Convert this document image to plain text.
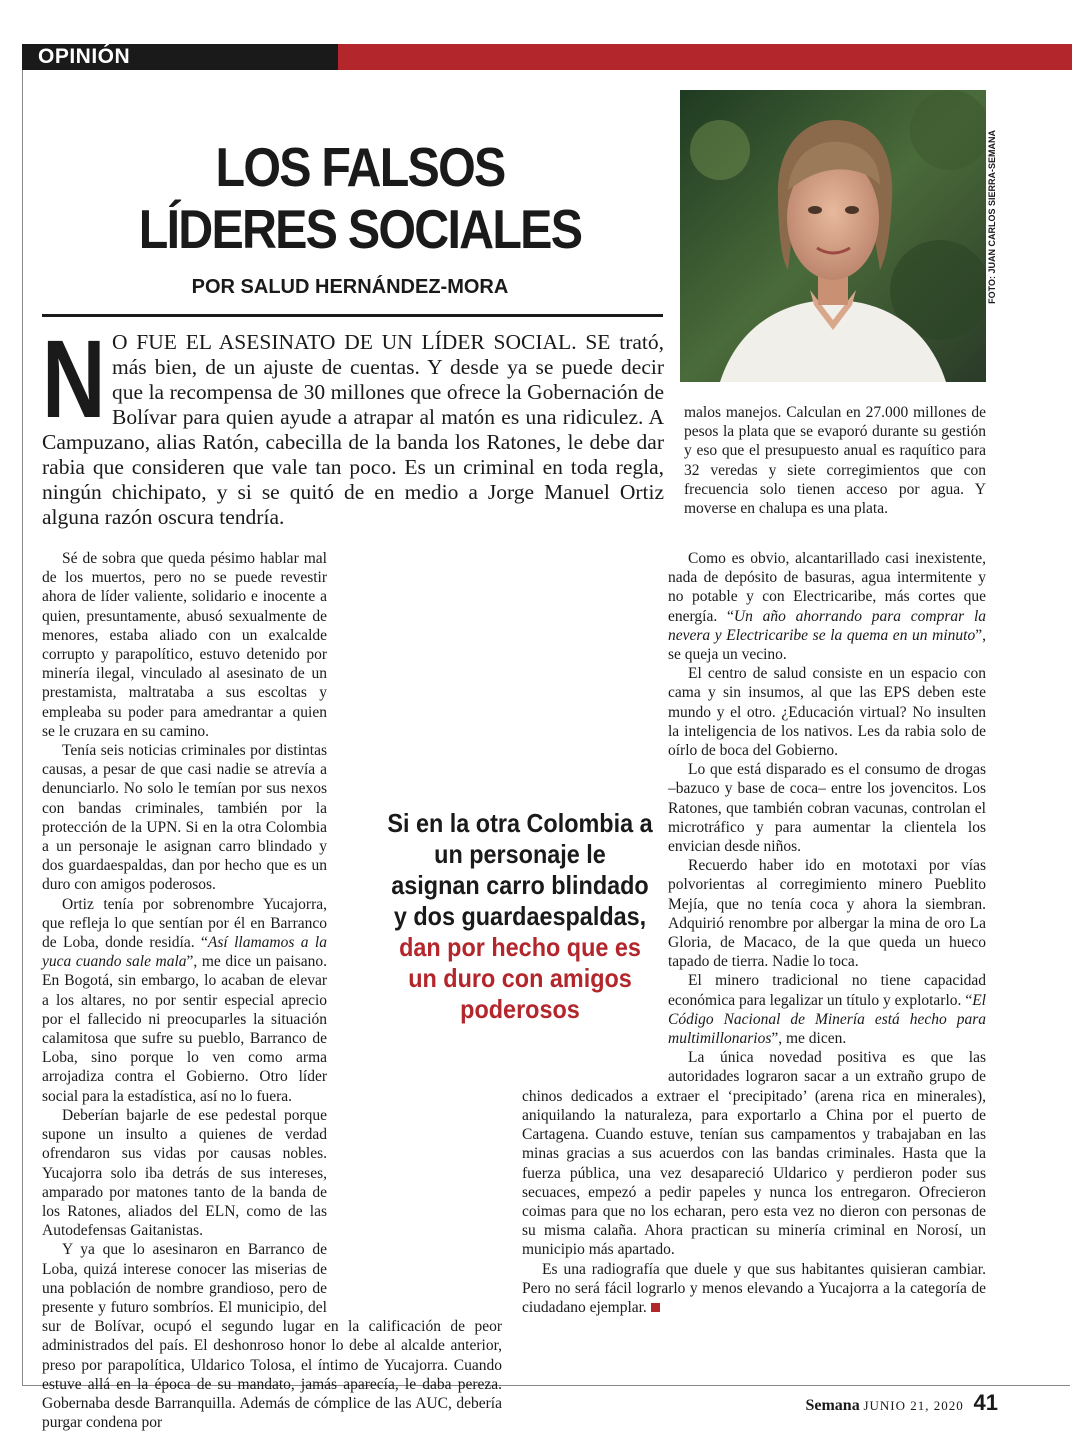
OPINIÓN
LOS FALSOS LÍDERES SOCIALES
POR SALUD HERNÁNDEZ-MORA	FOTO: JUAN CARLOS SIERRA-SEMANA
N O FUE EL ASESINATO DE UN LÍDER SOCIAL. SE trató, más bien, de un ajuste de cuentas. Y desde ya se puede decir que la recompensa de 30 millones que ofrece la Gobernación de Bolívar para quien ayude a atrapar al matón es una ridiculez. A Campuzano, alias Ratón, cabecilla de la banda los Ratones, le debe dar rabia que consideren que vale tan poco. Es un criminal en toda regla, ningún chichipato, y si se quitó de en medio a Jorge Manuel Ortiz alguna razón oscura tendría.

malos manejos. Calculan en 27.000 millones de pesos la plata que se evaporó durante su gestión y eso que el presupuesto anual es raquítico para 32 veredas y siete corregimientos que con frecuencia solo tienen acceso por agua. Y moverse en chalupa es una plata.

Sé de sobra que queda pésimo hablar mal de los muertos, pero no se puede revestir ahora de líder valiente, solidario e inocente a quien, presuntamente, abusó sexualmente de menores, estaba aliado con un exalcalde corrupto y parapolítico, estuvo detenido por minería ilegal, vinculado al asesinato de un prestamista, maltrataba a sus escoltas y empleaba su poder para amedrantar a quien se le cruzara en su camino.

Tenía seis noticias criminales por distintas causas, a pesar de que casi nadie se atrevía a denunciarlo. No solo le temían por sus nexos con bandas criminales, también por la protección de la UPN. Si en la otra Colombia a un personaje le asignan carro blindado y dos guardaespaldas, dan por hecho que es un duro con amigos poderosos.

Ortiz tenía por sobrenombre Yucajorra, que refleja lo que sentían por él en Barranco de Loba, donde residía. “Así llamamos a la yuca cuando sale mala”, me dice un paisano. En Bogotá, sin embargo, lo acaban de elevar a los altares, no por sentir especial aprecio por el fallecido ni preocuparles la situación calamitosa que sufre su pueblo, Barranco de Loba, sino porque lo ven como arma arrojadiza contra el Gobierno. Otro líder social para la estadística, así no lo fuera.

Deberían bajarle de ese pedestal porque supone un insulto a quienes de verdad ofrendaron sus vidas por causas nobles. Yucajorra solo iba detrás de sus intereses, amparado por matones tanto de la banda de los Ratones, aliados del ELN, como de las Autodefensas Gaitanistas.

Y ya que lo asesinaron en Barranco de Loba, quizá interese conocer las miserias de una población de nombre grandioso, pero de presente y futuro sombríos. El municipio, del sur de Bolívar, ocupó el segundo lugar en la calificación de peor administrados del país. El deshonroso honor lo debe al alcalde anterior, preso por parapolítica, Uldarico Tolosa, el íntimo de Yucajorra. Cuando estuve allá en la época de su mandato, jamás aparecía, le daba pereza. Gobernaba desde Barranquilla. Además de cómplice de las AUC, debería purgar condena por

Como es obvio, alcantarillado casi inexistente, nada de depósito de basuras, agua intermitente y no potable y con Electricaribe, más cortes que energía. “Un año ahorrando para comprar la nevera y Electricaribe se la quema en un minuto”, se queja un vecino.

El centro de salud consiste en un espacio con cama y sin insumos, al que las EPS deben este mundo y el otro. ¿Educación virtual? No insulten la inteligencia de los nativos. Les da rabia solo de oírlo de boca del Gobierno.

Lo que está disparado es el consumo de drogas –bazuco y base de coca– entre los jovencitos. Los Ratones, que también cobran vacunas, controlan el microtráfico y para aumentar la clientela los envician desde niños.

Recuerdo haber ido en mototaxi por vías polvorientas al corregimiento minero Pueblito Mejía, que no tenía coca y ahora la siembran. Adquirió renombre por albergar la mina de oro La Gloria, de Macaco, de la que queda un hueco tapado de tierra. Nadie lo toca.

El minero tradicional no tiene capacidad económica para legalizar un título y explotarlo. “El Código Nacional de Minería está hecho para multimillonarios”, me dicen.

La única novedad positiva es que las autoridades lograron sacar a un extraño grupo de chinos dedicados a extraer el ‘precipitado’ (arena rica en minerales), aniquilando la naturaleza, para exportarlo a China por el puerto de Cartagena. Cuando estuve, tenían sus campamentos y trabajaban en las minas gracias a sus acuerdos con las bandas criminales. Hasta que la fuerza pública, una vez desapareció Uldarico y perdieron poder sus secuaces, empezó a pedir papeles y nunca los entregaron. Ofrecieron coimas para que no los echaran, pero esta vez no dieron con personas de su misma calaña. Ahora practican su minería criminal en Norosí, un municipio más apartado.

Es una radiografía que duele y que sus habitantes quisieran cambiar. Pero no será fácil lograrlo y menos elevando a Yucajorra a la categoría de ciudadano ejemplar.

Si en la otra Colombia a un personaje le asignan carro blindado y dos guardaespaldas, dan por hecho que es un duro con amigos poderosos
Semana JUNIO 21, 2020 41
